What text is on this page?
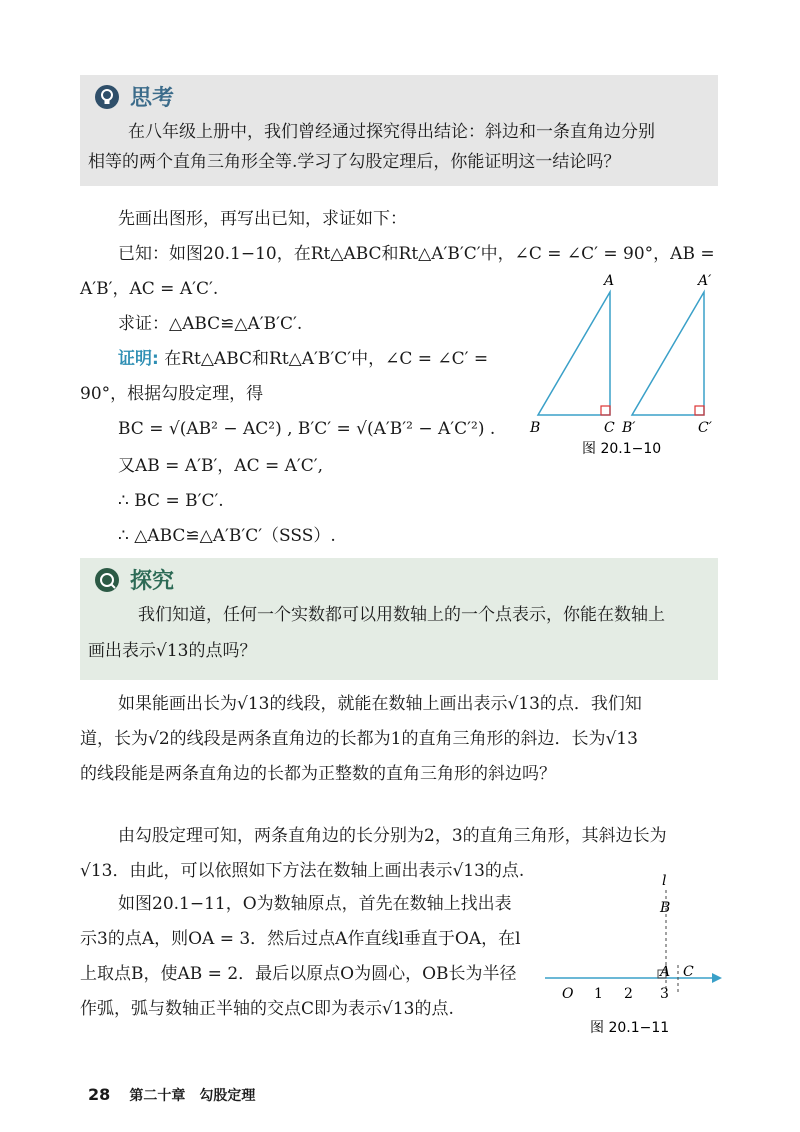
思考
在八年级上册中，我们曾经通过探究得出结论：斜边和一条直角边分别
相等的两个直角三角形全等.学习了勾股定理后，你能证明这一结论吗？
先画出图形，再写出已知，求证如下：
已知：如图20.1−10，在Rt△ABC和Rt△A′B′C′中，∠C = ∠C′ = 90°，AB =
A′B′，AC = A′C′.
求证：△ABC≌△A′B′C′.
证明: 在Rt△ABC和Rt△A′B′C′中，∠C = ∠C′ =
90°，根据勾股定理，得
BC = √(AB² − AC²) , B′C′ = √(A′B′² − A′C′²) .
又AB = A′B′，AC = A′C′,
∴ BC = B′C′.
∴ △ABC≌△A′B′C′（SSS）.
A
B	C
A′
B′	C′
图 20.1−10
探究
我们知道，任何一个实数都可以用数轴上的一个点表示，你能在数轴上
画出表示√13的点吗？
如果能画出长为√13的线段，就能在数轴上画出表示√13的点．我们知
道，长为√2的线段是两条直角边的长都为1的直角三角形的斜边．长为√13
的线段能是两条直角边的长都为正整数的直角三角形的斜边吗？
由勾股定理可知，两条直角边的长分别为2，3的直角三角形，其斜边长为
√13．由此，可以依照如下方法在数轴上画出表示√13的点.
如图20.1−11，O为数轴原点，首先在数轴上找出表
示3的点A，则OA = 3．然后过点A作直线l垂直于OA，在l
上取点B，使AB = 2．最后以原点O为圆心，OB长为半径
作弧，弧与数轴正半轴的交点C即为表示√13的点.
l
B
O 1 2 3
A C
图 20.1−11
28 第二十章　勾股定理
